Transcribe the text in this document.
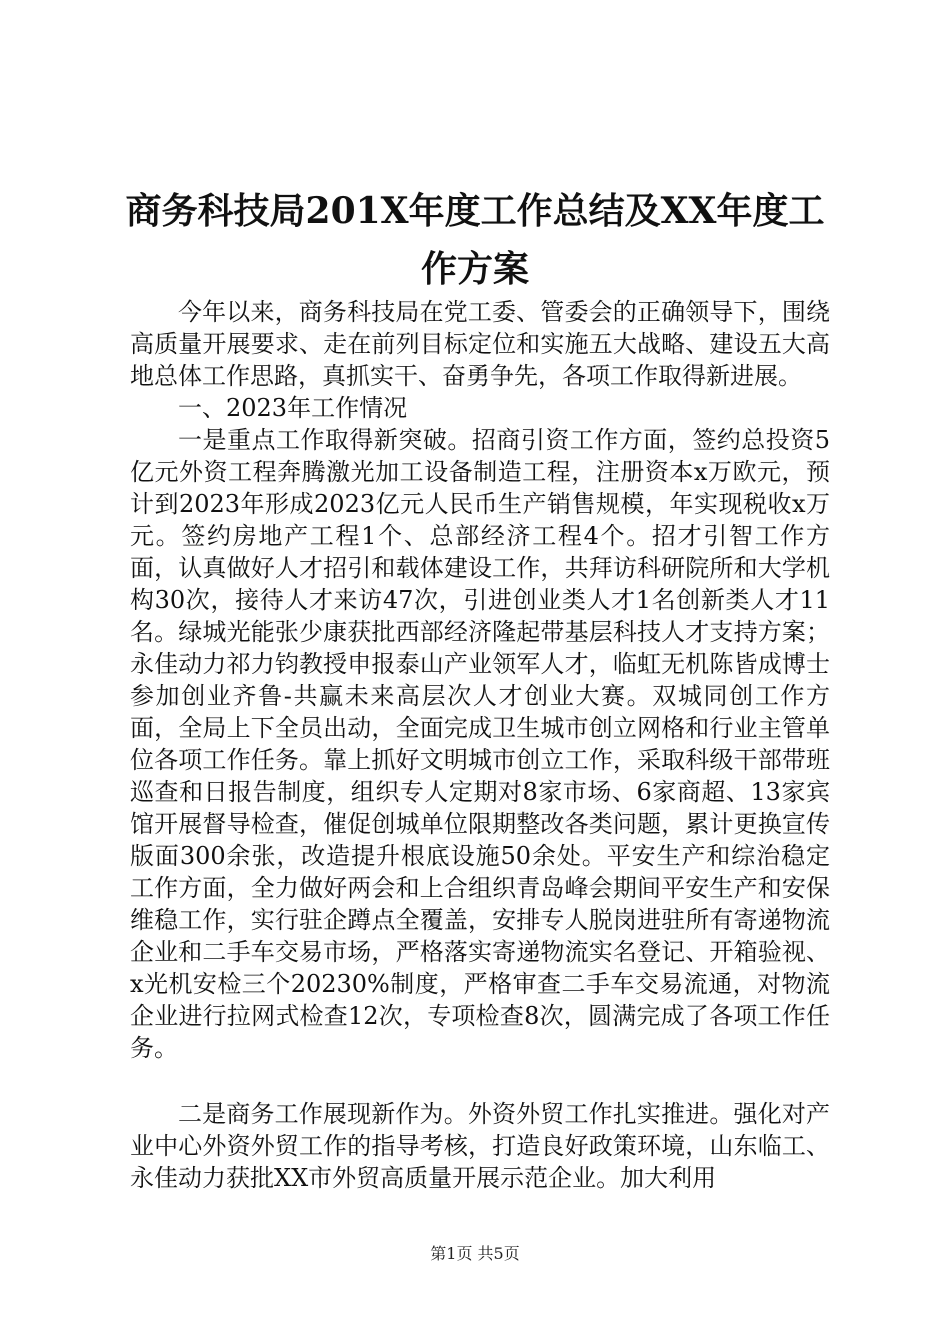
商务科技局201X年度工作总结及XX年度工作方案

今年以来，商务科技局在党工委、管委会的正确领导下，围绕高质量开展要求、走在前列目标定位和实施五大战略、建设五大高地总体工作思路，真抓实干、奋勇争先，各项工作取得新进展。

一、2023年工作情况

一是重点工作取得新突破。招商引资工作方面，签约总投资5亿元外资工程奔腾激光加工设备制造工程，注册资本x万欧元，预计到2023年形成2023亿元人民币生产销售规模，年实现税收x万元。签约房地产工程1个、总部经济工程4个。招才引智工作方面，认真做好人才招引和载体建设工作，共拜访科研院所和大学机构30次，接待人才来访47次，引进创业类人才1名创新类人才11名。绿城光能张少康获批西部经济隆起带基层科技人才支持方案；永佳动力祁力钧教授申报泰山产业领军人才，临虹无机陈皆成博士参加创业齐鲁-共赢未来高层次人才创业大赛。双城同创工作方面，全局上下全员出动，全面完成卫生城市创立网格和行业主管单位各项工作任务。靠上抓好文明城市创立工作，采取科级干部带班巡查和日报告制度，组织专人定期对8家市场、6家商超、13家宾馆开展督导检查，催促创城单位限期整改各类问题，累计更换宣传版面300余张，改造提升根底设施50余处。平安生产和综治稳定工作方面，全力做好两会和上合组织青岛峰会期间平安生产和安保维稳工作，实行驻企蹲点全覆盖，安排专人脱岗进驻所有寄递物流企业和二手车交易市场，严格落实寄递物流实名登记、开箱验视、x光机安检三个20230%制度，严格审查二手车交易流通，对物流企业进行拉网式检查12次，专项检查8次，圆满完成了各项工作任务。

二是商务工作展现新作为。外资外贸工作扎实推进。强化对产业中心外资外贸工作的指导考核，打造良好政策环境，山东临工、永佳动力获批XX市外贸高质量开展示范企业。加大利用

第1页 共5页
